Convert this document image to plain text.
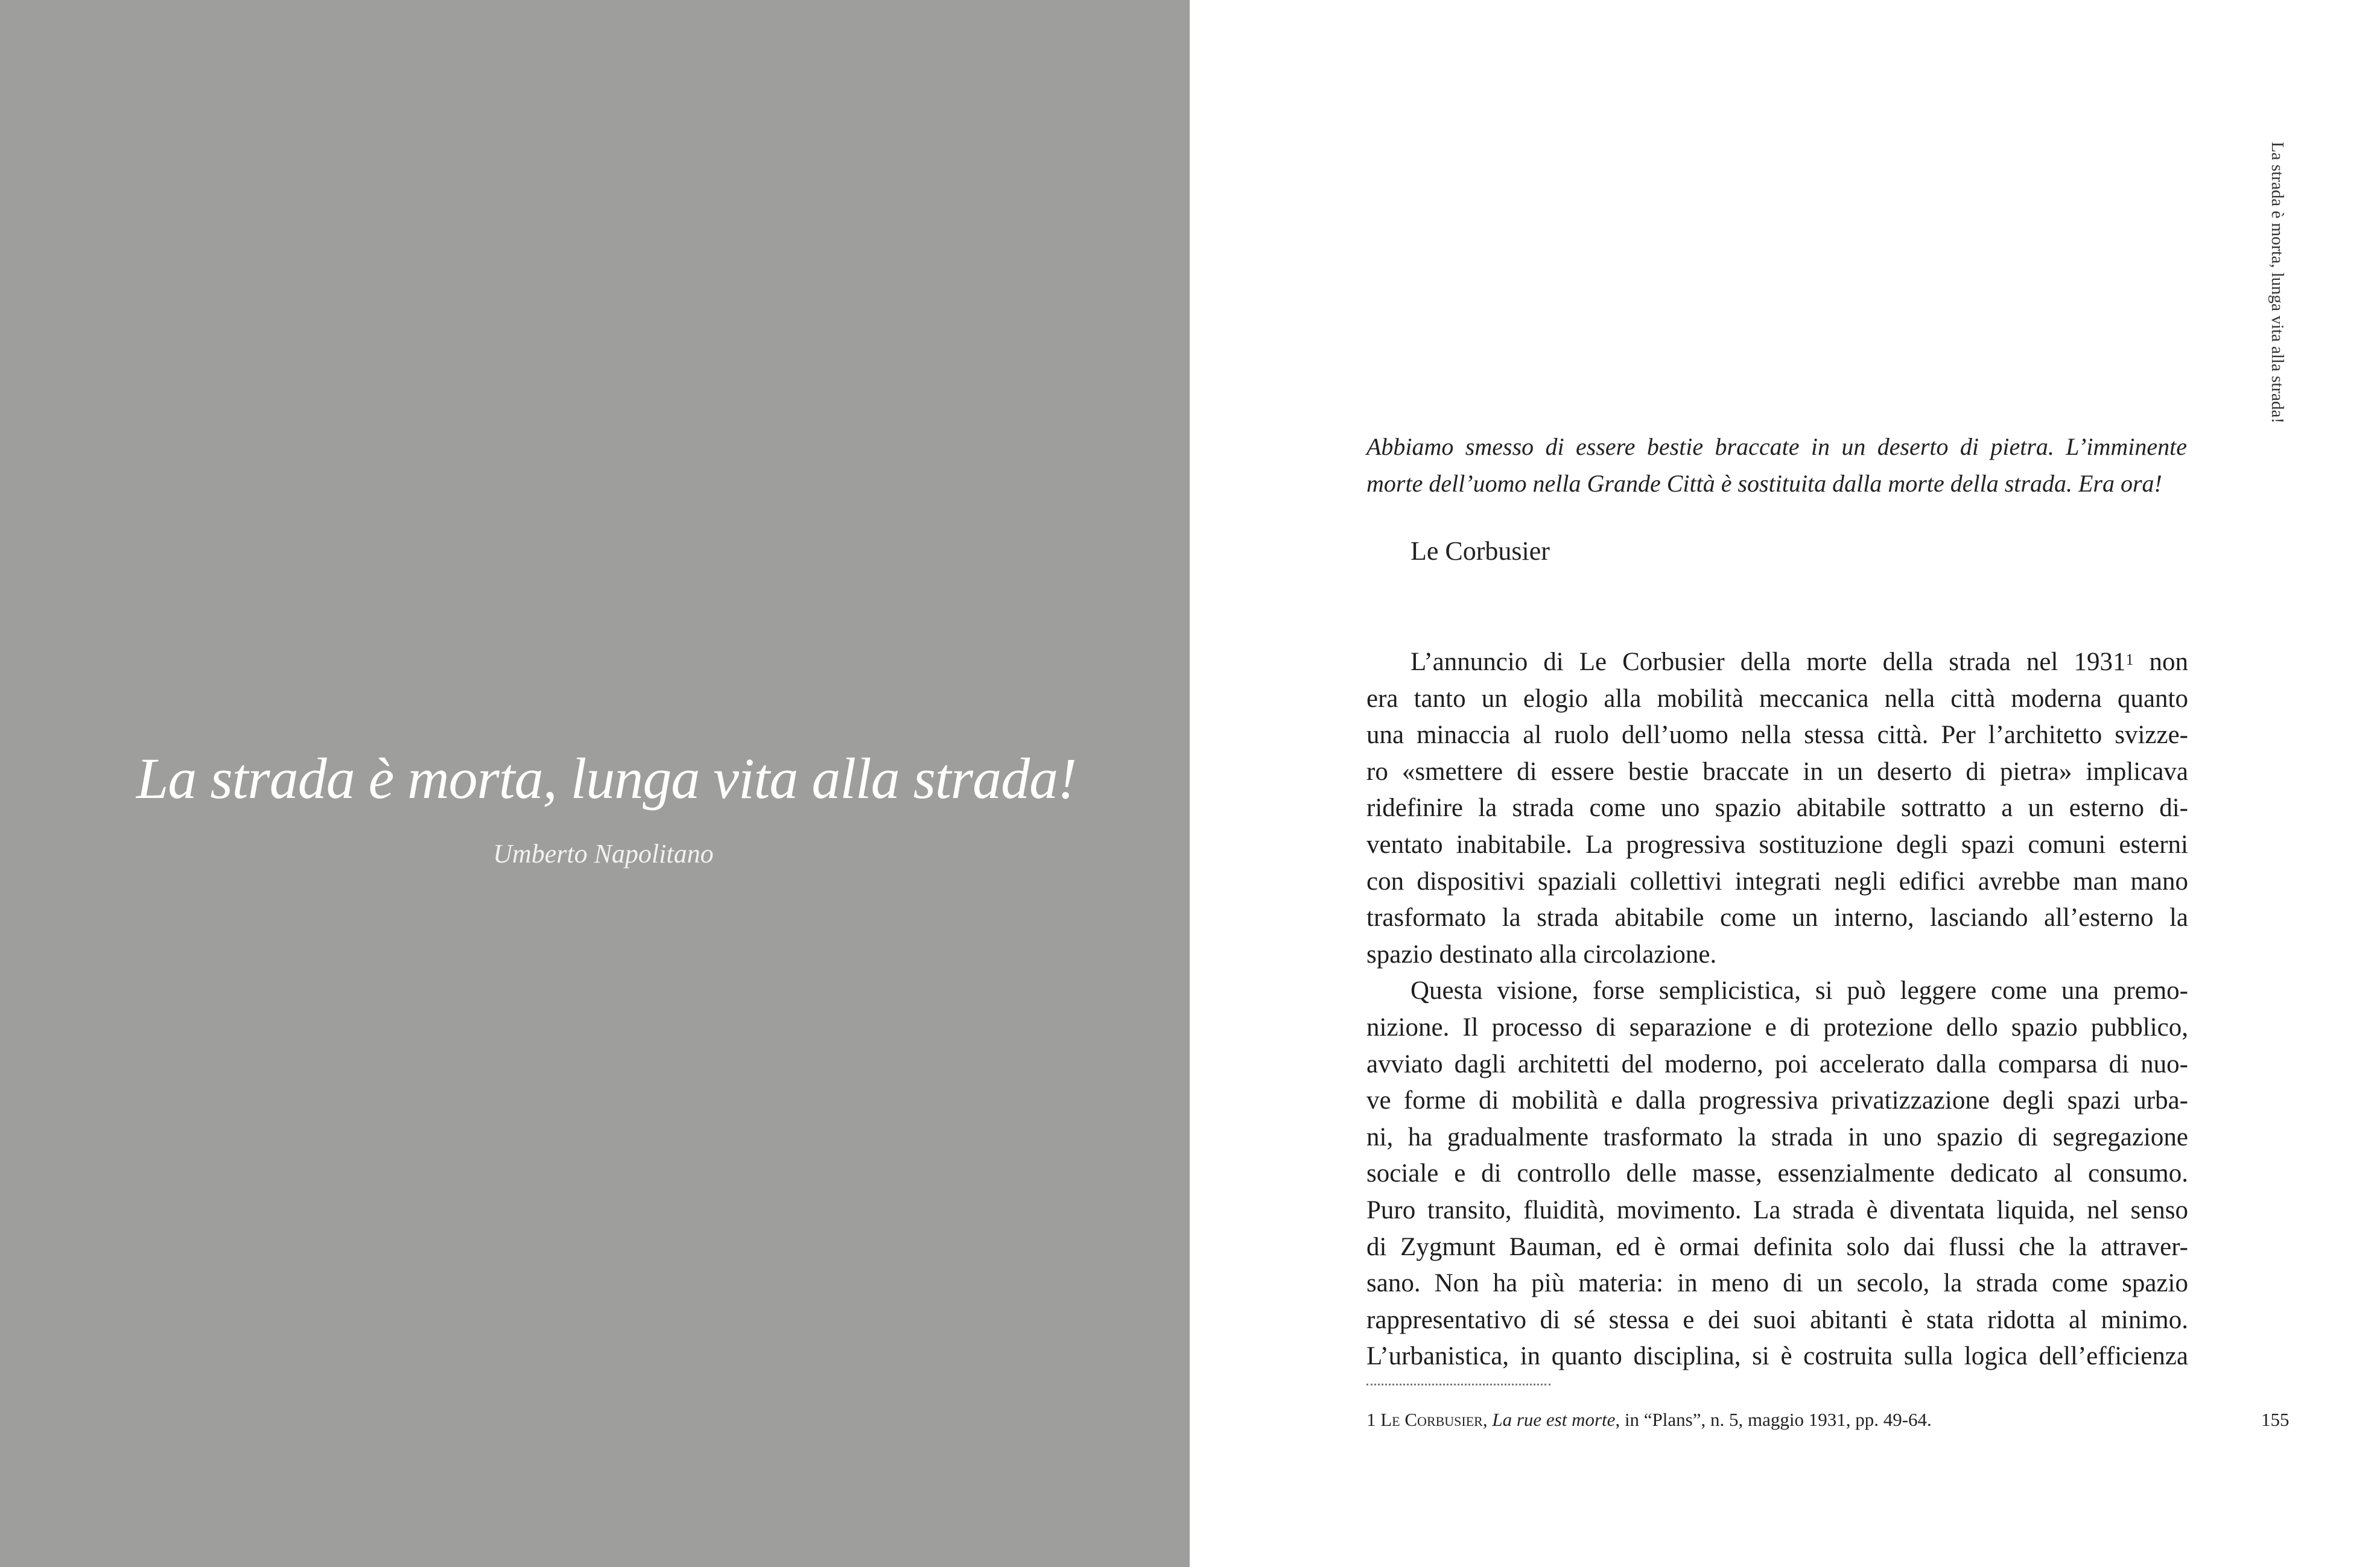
La strada è morta, lunga vita alla strada!
Umberto Napolitano
La strada è morta, lunga vita alla strada!
Abbiamo smesso di essere bestie braccate in un deserto di pietra. L’imminente morte dell’uomo nella Grande Città è sostituita dalla morte della strada. Era ora!
Le Corbusier
L’annuncio di Le Corbusier della morte della strada nel 1931$^1$ non
era tanto un elogio alla mobilità meccanica nella città moderna quanto
una minaccia al ruolo dell’uomo nella stessa città. Per l’architetto svizze-
ro «smettere di essere bestie braccate in un deserto di pietra» implicava
ridefinire la strada come uno spazio abitabile sottratto a un esterno di-
ventato inabitabile. La progressiva sostituzione degli spazi comuni esterni
con dispositivi spaziali collettivi integrati negli edifici avrebbe man mano
trasformato la strada abitabile come un interno, lasciando all’esterno la
spazio destinato alla circolazione.
Questa visione, forse semplicistica, si può leggere come una premo-
nizione. Il processo di separazione e di protezione dello spazio pubblico,
avviato dagli architetti del moderno, poi accelerato dalla comparsa di nuo-
ve forme di mobilità e dalla progressiva privatizzazione degli spazi urba-
ni, ha gradualmente trasformato la strada in uno spazio di segregazione
sociale e di controllo delle masse, essenzialmente dedicato al consumo.
Puro transito, fluidità, movimento. La strada è diventata liquida, nel senso
di Zygmunt Bauman, ed è ormai definita solo dai flussi che la attraver-
sano. Non ha più materia: in meno di un secolo, la strada come spazio
rappresentativo di sé stessa e dei suoi abitanti è stata ridotta al minimo.
L’urbanistica, in quanto disciplina, si è costruita sulla logica dell’efficienza
1 Le Corbusier, La rue est morte, in “Plans”, n. 5, maggio 1931, pp. 49-64.	155
